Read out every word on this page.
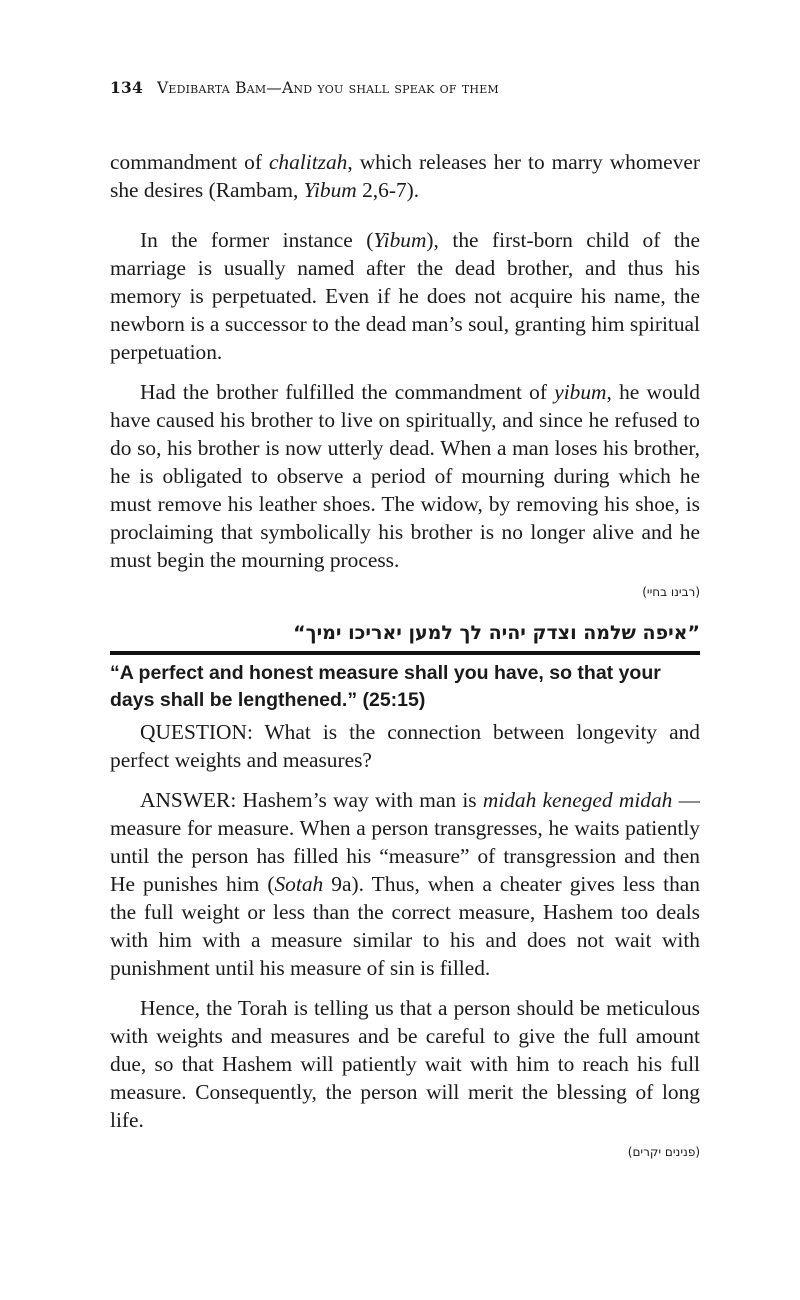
134 Vedibarta Bam—And you shall speak of them

commandment of chalitzah, which releases her to marry whomever she desires (Rambam, Yibum 2,6-7).

In the former instance (Yibum), the first-born child of the marriage is usually named after the dead brother, and thus his memory is perpetuated. Even if he does not acquire his name, the newborn is a successor to the dead man’s soul, granting him spiritual perpetuation.

Had the brother fulfilled the commandment of yibum, he would have caused his brother to live on spiritually, and since he refused to do so, his brother is now utterly dead. When a man loses his brother, he is obligated to observe a period of mourning during which he must remove his leather shoes. The widow, by removing his shoe, is proclaiming that symbolically his brother is no longer alive and he must begin the mourning process.

(רבינו בחיי)
”איפה שלמה וצדק יהיה לך למען יאריכו ימיך“
“A perfect and honest measure shall you have, so that your days shall be lengthened.” (25:15)

QUESTION: What is the connection between longevity and perfect weights and measures?

ANSWER: Hashem’s way with man is midah keneged midah — measure for measure. When a person transgresses, he waits patiently until the person has filled his “measure” of transgression and then He punishes him (Sotah 9a). Thus, when a cheater gives less than the full weight or less than the correct measure, Hashem too deals with him with a measure similar to his and does not wait with punishment until his measure of sin is filled.

Hence, the Torah is telling us that a person should be meticulous with weights and measures and be careful to give the full amount due, so that Hashem will patiently wait with him to reach his full measure. Consequently, the person will merit the blessing of long life.

(פנינים יקרים)
